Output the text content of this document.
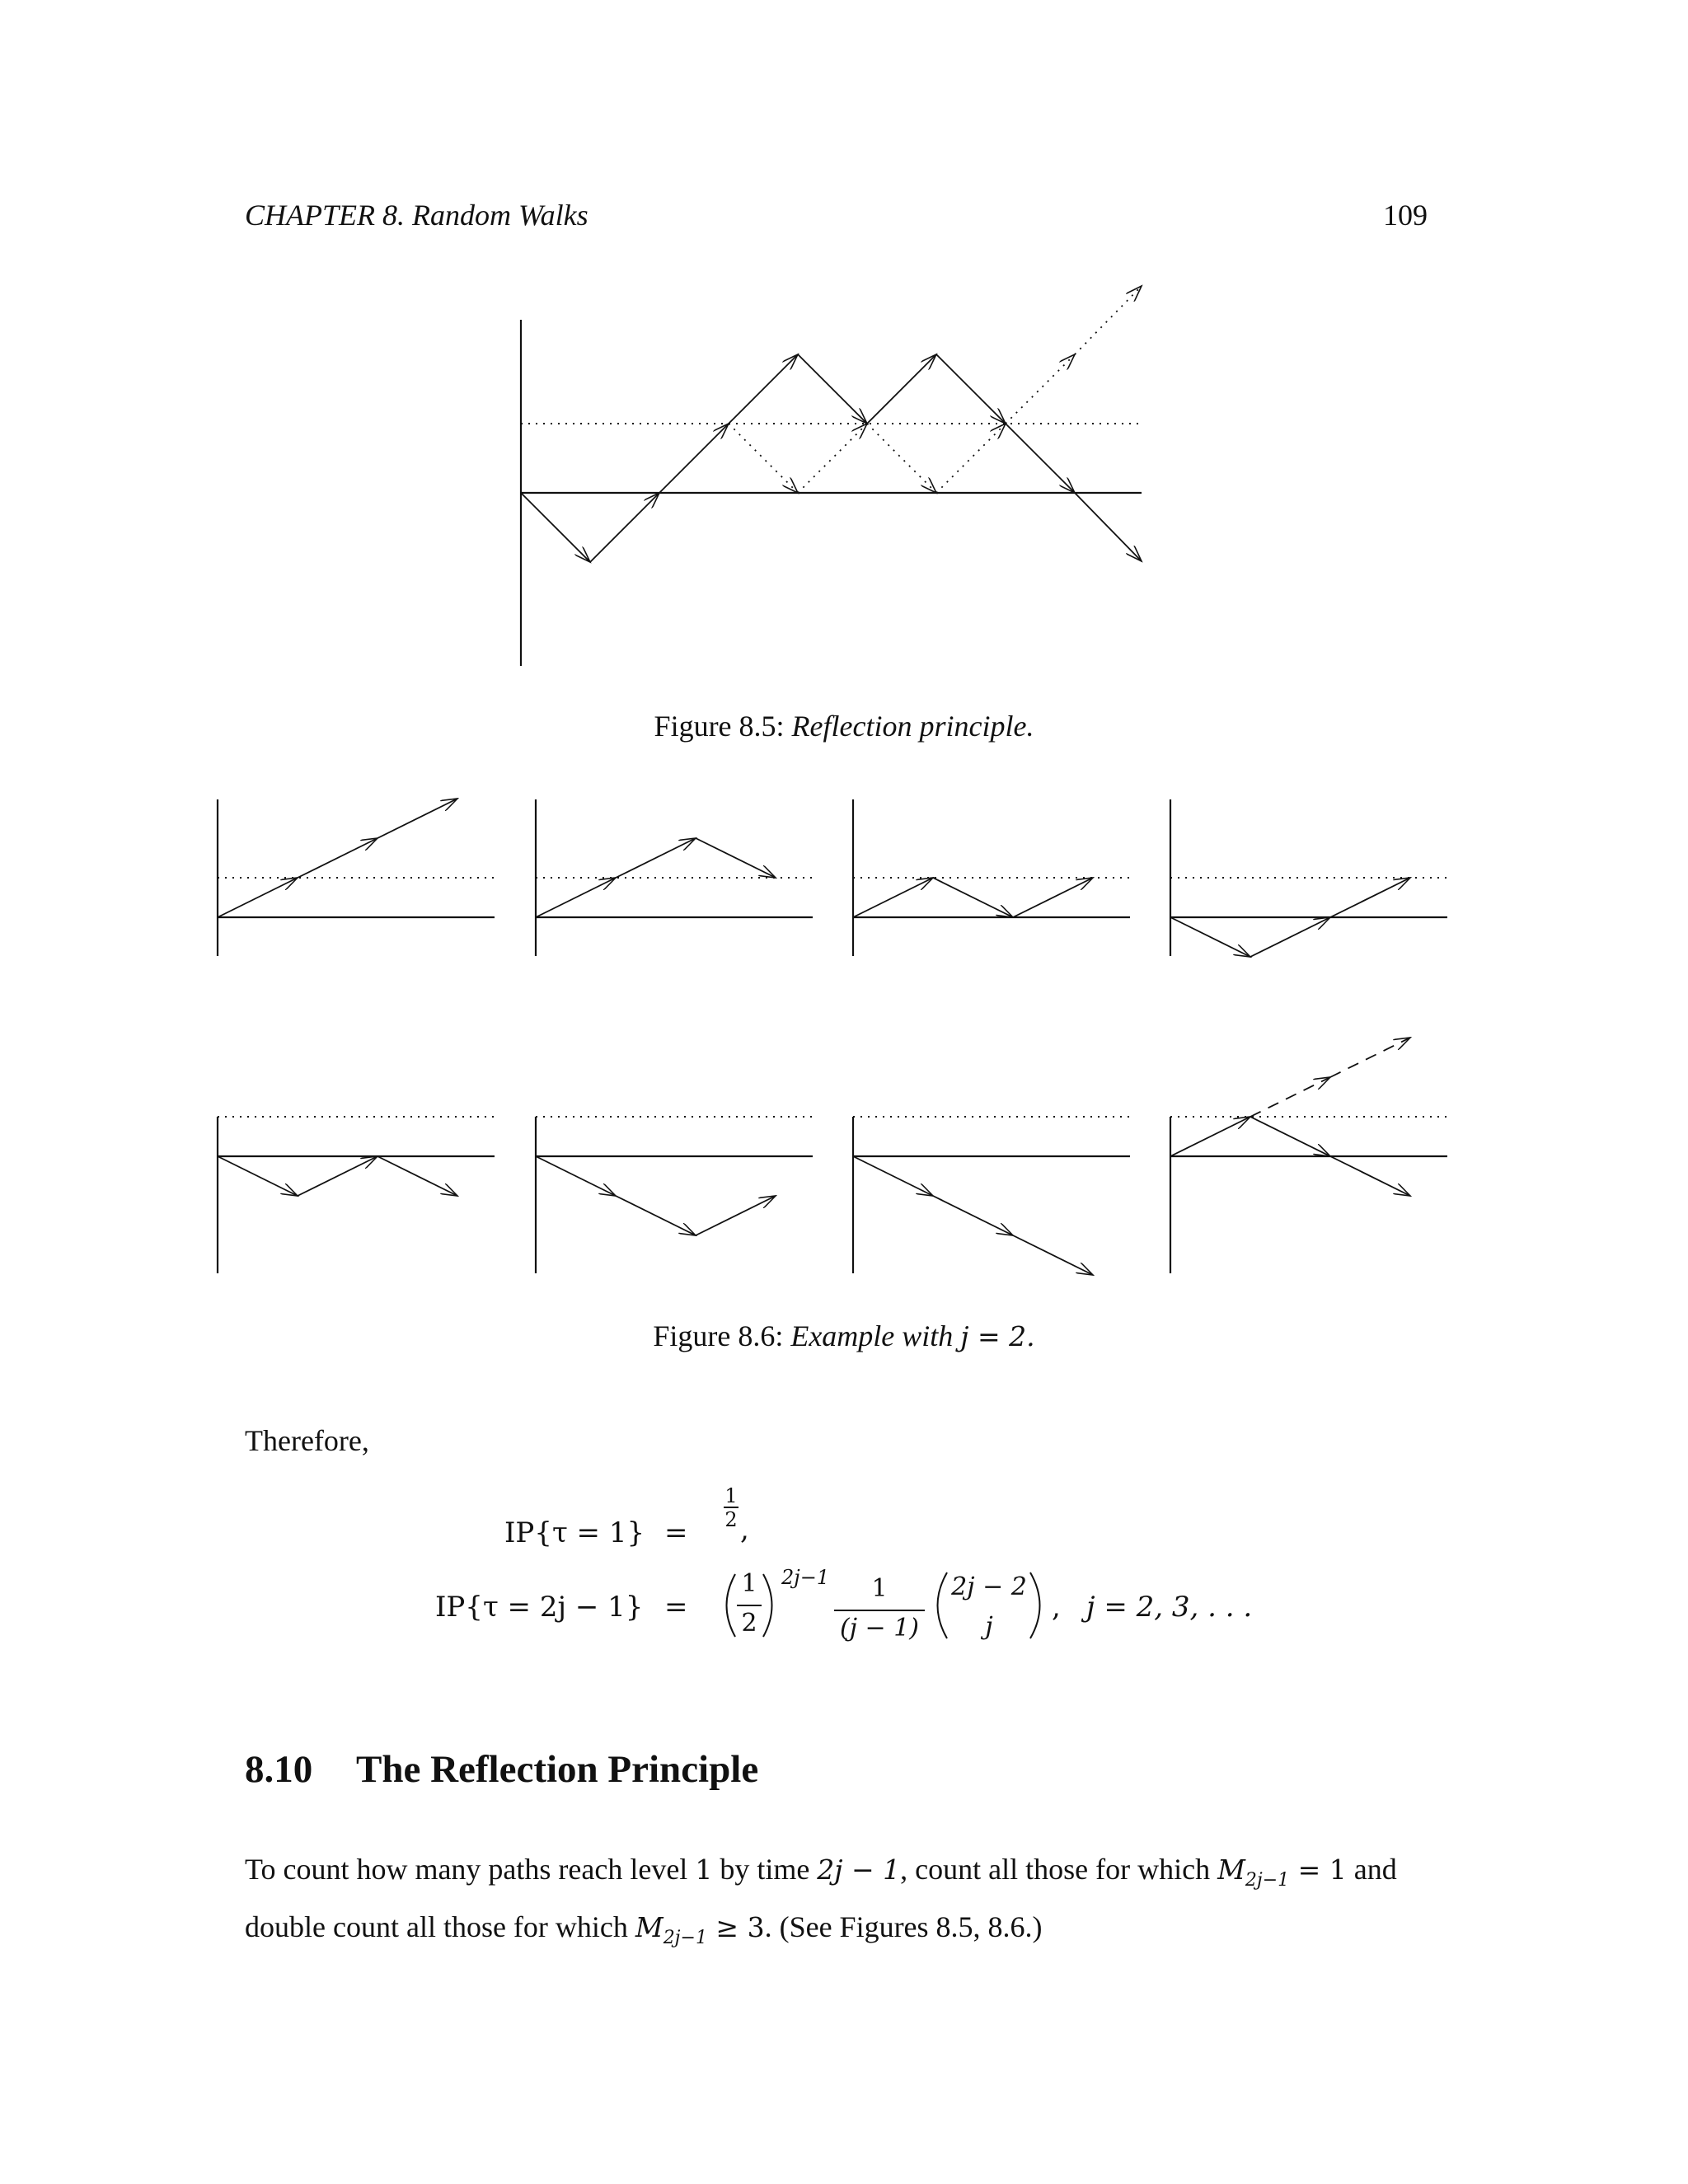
CHAPTER 8. Random Walks	109
Figure 8.5: Reflection principle.
Figure 8.6: Example with j = 2.
Therefore,
IP{τ = 1} =
1
2 ,
IP{τ = 2j − 1} =
1
2
2j−1	1
(j − 1)
2j − 2
j
, j = 2, 3, . . .
8.10 The Reflection Principle
To count how many paths reach level 1 by time 2j − 1, count all those for which $M_{2j-1} = 1$ and double count all those for which $M_{2j-1} \ge 3$. (See Figures 8.5, 8.6.)
